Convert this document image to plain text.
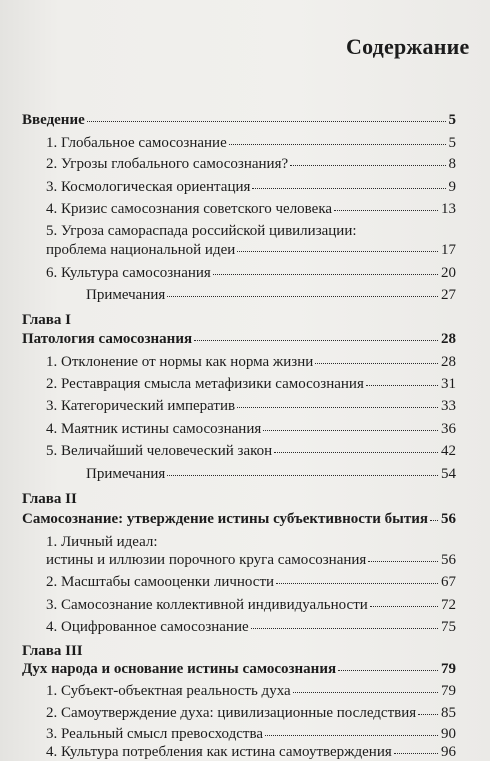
Содержание
Введение	5
1. Глобальное самосознание	5
2. Угрозы глобального самосознания?	8
3. Космологическая ориентация	9
4. Кризис самосознания советского человека	13
5. Угроза самораспада российской цивилизации:
проблема национальной идеи	17
6. Культура самосознания	20
Примечания	27
Глава I
Патология самосознания	28
1. Отклонение от нормы как норма жизни	28
2. Реставрация смысла метафизики самосознания	31
3. Категорический императив	33
4. Маятник истины самосознания	36
5. Величайший человеческий закон	42
Примечания	54
Глава II
Самосознание: утверждение истины субъективности бытия 56
1. Личный идеал:
истины и иллюзии порочного круга самосознания	56
2. Масштабы самооценки личности	67
3. Самосознание коллективной индивидуальности	72
4. Оцифрованное самосознание	75
Глава III
Дух народа и основание истины самосознания	79
1. Субъект-объектная реальность духа	79
2. Самоутверждение духа: цивилизационные последствия 85
3. Реальный смысл превосходства	90
4. Культура потребления как истина самоутверждения	96
